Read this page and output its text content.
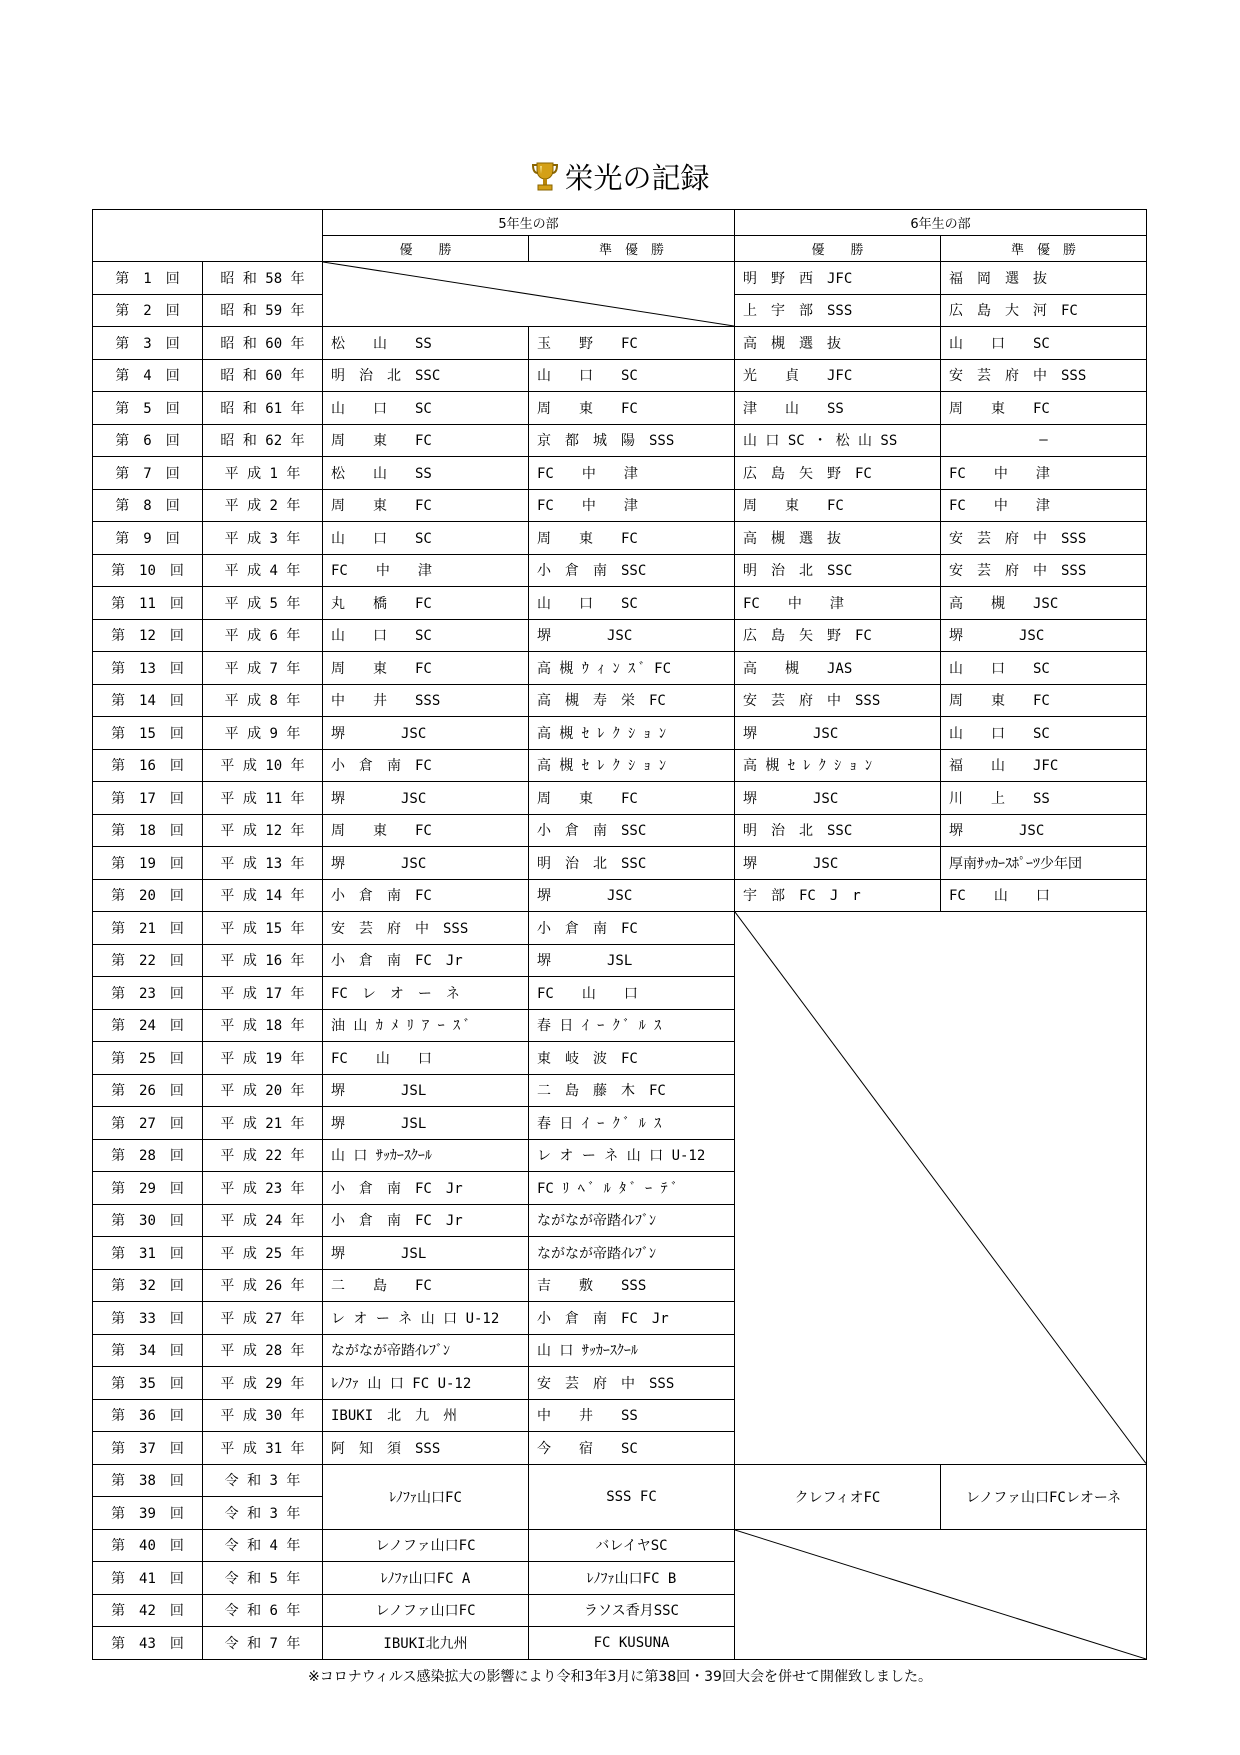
栄光の記録
		5年生の部		6年生の部	
		優　　勝	準　優　勝	優　　勝	準　優　勝
第　1　回	昭 和 58 年			明　野　西　JFC	福　岡　選　抜
第　2　回	昭 和 59 年			上　宇　部　SSS	広　島　大　河　FC
第　3　回	昭 和 60 年	松　　山　　SS	玉　　野　　FC	高　槻　選　抜	山　　口　　SC
第　4　回	昭 和 60 年	明　治　北　SSC	山　　口　　SC	光　　貞　　JFC	安　芸　府　中　SSS
第　5　回	昭 和 61 年	山　　口　　SC	周　　東　　FC	津　　山　　SS	周　　東　　FC
第　6　回	昭 和 62 年	周　　東　　FC	京　都　城　陽　SSS	山 口 SC ・ 松 山 SS	—
第　7　回	平 成 1 年	松　　山　　SS	FC　　中　　津	広　島　矢　野　FC	FC　　中　　津
第　8　回	平 成 2 年	周　　東　　FC	FC　　中　　津	周　　東　　FC	FC　　中　　津
第　9　回	平 成 3 年	山　　口　　SC	周　　東　　FC	高　槻　選　抜	安　芸　府　中　SSS
第　10　回	平 成 4 年	FC　　中　　津	小　倉　南　SSC	明　治　北　SSC	安　芸　府　中　SSS
第　11　回	平 成 5 年	丸　　橋　　FC	山　　口　　SC	FC　　中　　津	高　　槻　　JSC
第　12　回	平 成 6 年	山　　口　　SC	堺　　　　JSC	広　島　矢　野　FC	堺　　　　JSC
第　13　回	平 成 7 年	周　　東　　FC	高 槻 ｳ ｨ ﾝ ｽ ﾞ FC	高　　槻　　JAS	山　　口　　SC
第　14　回	平 成 8 年	中　　井　　SSS	高　槻　寿　栄　FC	安　芸　府　中　SSS	周　　東　　FC
第　15　回	平 成 9 年	堺　　　　JSC	高 槻 ｾ ﾚ ｸ ｼ ｮ ﾝ	堺　　　　JSC	山　　口　　SC
第　16　回	平 成 10 年	小　倉　南　FC	高 槻 ｾ ﾚ ｸ ｼ ｮ ﾝ	高 槻 ｾ ﾚ ｸ ｼ ｮ ﾝ	福　　山　　JFC
第　17　回	平 成 11 年	堺　　　　JSC	周　　東　　FC	堺　　　　JSC	川　　上　　SS
第　18　回	平 成 12 年	周　　東　　FC	小　倉　南　SSC	明　治　北　SSC	堺　　　　JSC
第　19　回	平 成 13 年	堺　　　　JSC	明　治　北　SSC	堺　　　　JSC	厚南ｻｯｶｰｽﾎﾟｰﾂ少年団
第　20　回	平 成 14 年	小　倉　南　FC	堺　　　　JSC	宇　部　FC　J　r	FC　　山　　口
第　21　回	平 成 15 年	安　芸　府　中　SSS	小　倉　南　FC	

第　22　回	平 成 16 年	小　倉　南　FC　Jr	堺　　　　JSL		
第　23　回	平 成 17 年	FC　レ　オ　ー　ネ	FC　　山　　口		
第　24　回	平 成 18 年	油 山 ｶ ﾒ ﾘ ｱ ｰ ｽ ﾞ	春 日 ｲ ｰ ｸ ﾞ ﾙ ｽ		
第　25　回	平 成 19 年	FC　　山　　口	東　岐　波　FC		
第　26　回	平 成 20 年	堺　　　　JSL	二　島　藤　木　FC		
第　27　回	平 成 21 年	堺　　　　JSL	春 日 ｲ ｰ ｸ ﾞ ﾙ ｽ		
第　28　回	平 成 22 年	山 口 ｻｯｶｰｽｸｰﾙ	レ オ ー ネ 山 口 U-12		
第　29　回	平 成 23 年	小　倉　南　FC　Jr	FC ﾘ ﾍ ﾞ ﾙ ﾀ ﾞ ｰ ﾃ ﾞ		
第　30　回	平 成 24 年	小　倉　南　FC　Jr	ながなが帝踏ｲﾚﾌﾞﾝ		
第　31　回	平 成 25 年	堺　　　　JSL	ながなが帝踏ｲﾚﾌﾞﾝ		
第　32　回	平 成 26 年	二　　島　　FC	吉　　敷　　SSS		
第　33　回	平 成 27 年	レ オ ー ネ 山 口 U-12	小　倉　南　FC　Jr		
第　34　回	平 成 28 年	ながなが帝踏ｲﾚﾌﾞﾝ	山 口 ｻｯｶｰｽｸｰﾙ		
第　35　回	平 成 29 年	ﾚﾉﾌｧ 山 口 FC U-12	安　芸　府　中　SSS		
第　36　回	平 成 30 年	IBUKI　北　九　州	中　　井　　SS		
第　37　回	平 成 31 年	阿　知　須　SSS	今　　宿　　SC		
第　38　回	令 和 3 年	ﾚﾉﾌｧ山口FC	SSS FC	クレフィオFC	レノファ山口FCレオーネ
第　39　回	令 和 3 年				
第　40　回	令 和 4 年	レノファ山口FC	バレイヤSC	

第　41　回	令 和 5 年	ﾚﾉﾌｧ山口FC A	ﾚﾉﾌｧ山口FC B		
第　42　回	令 和 6 年	レノファ山口FC	ラソス香月SSC		
第　43　回	令 和 7 年	IBUKI北九州	FC KUSUNA		
※コロナウィルス感染拡大の影響により令和3年3月に第38回・39回大会を併せて開催致しました。
